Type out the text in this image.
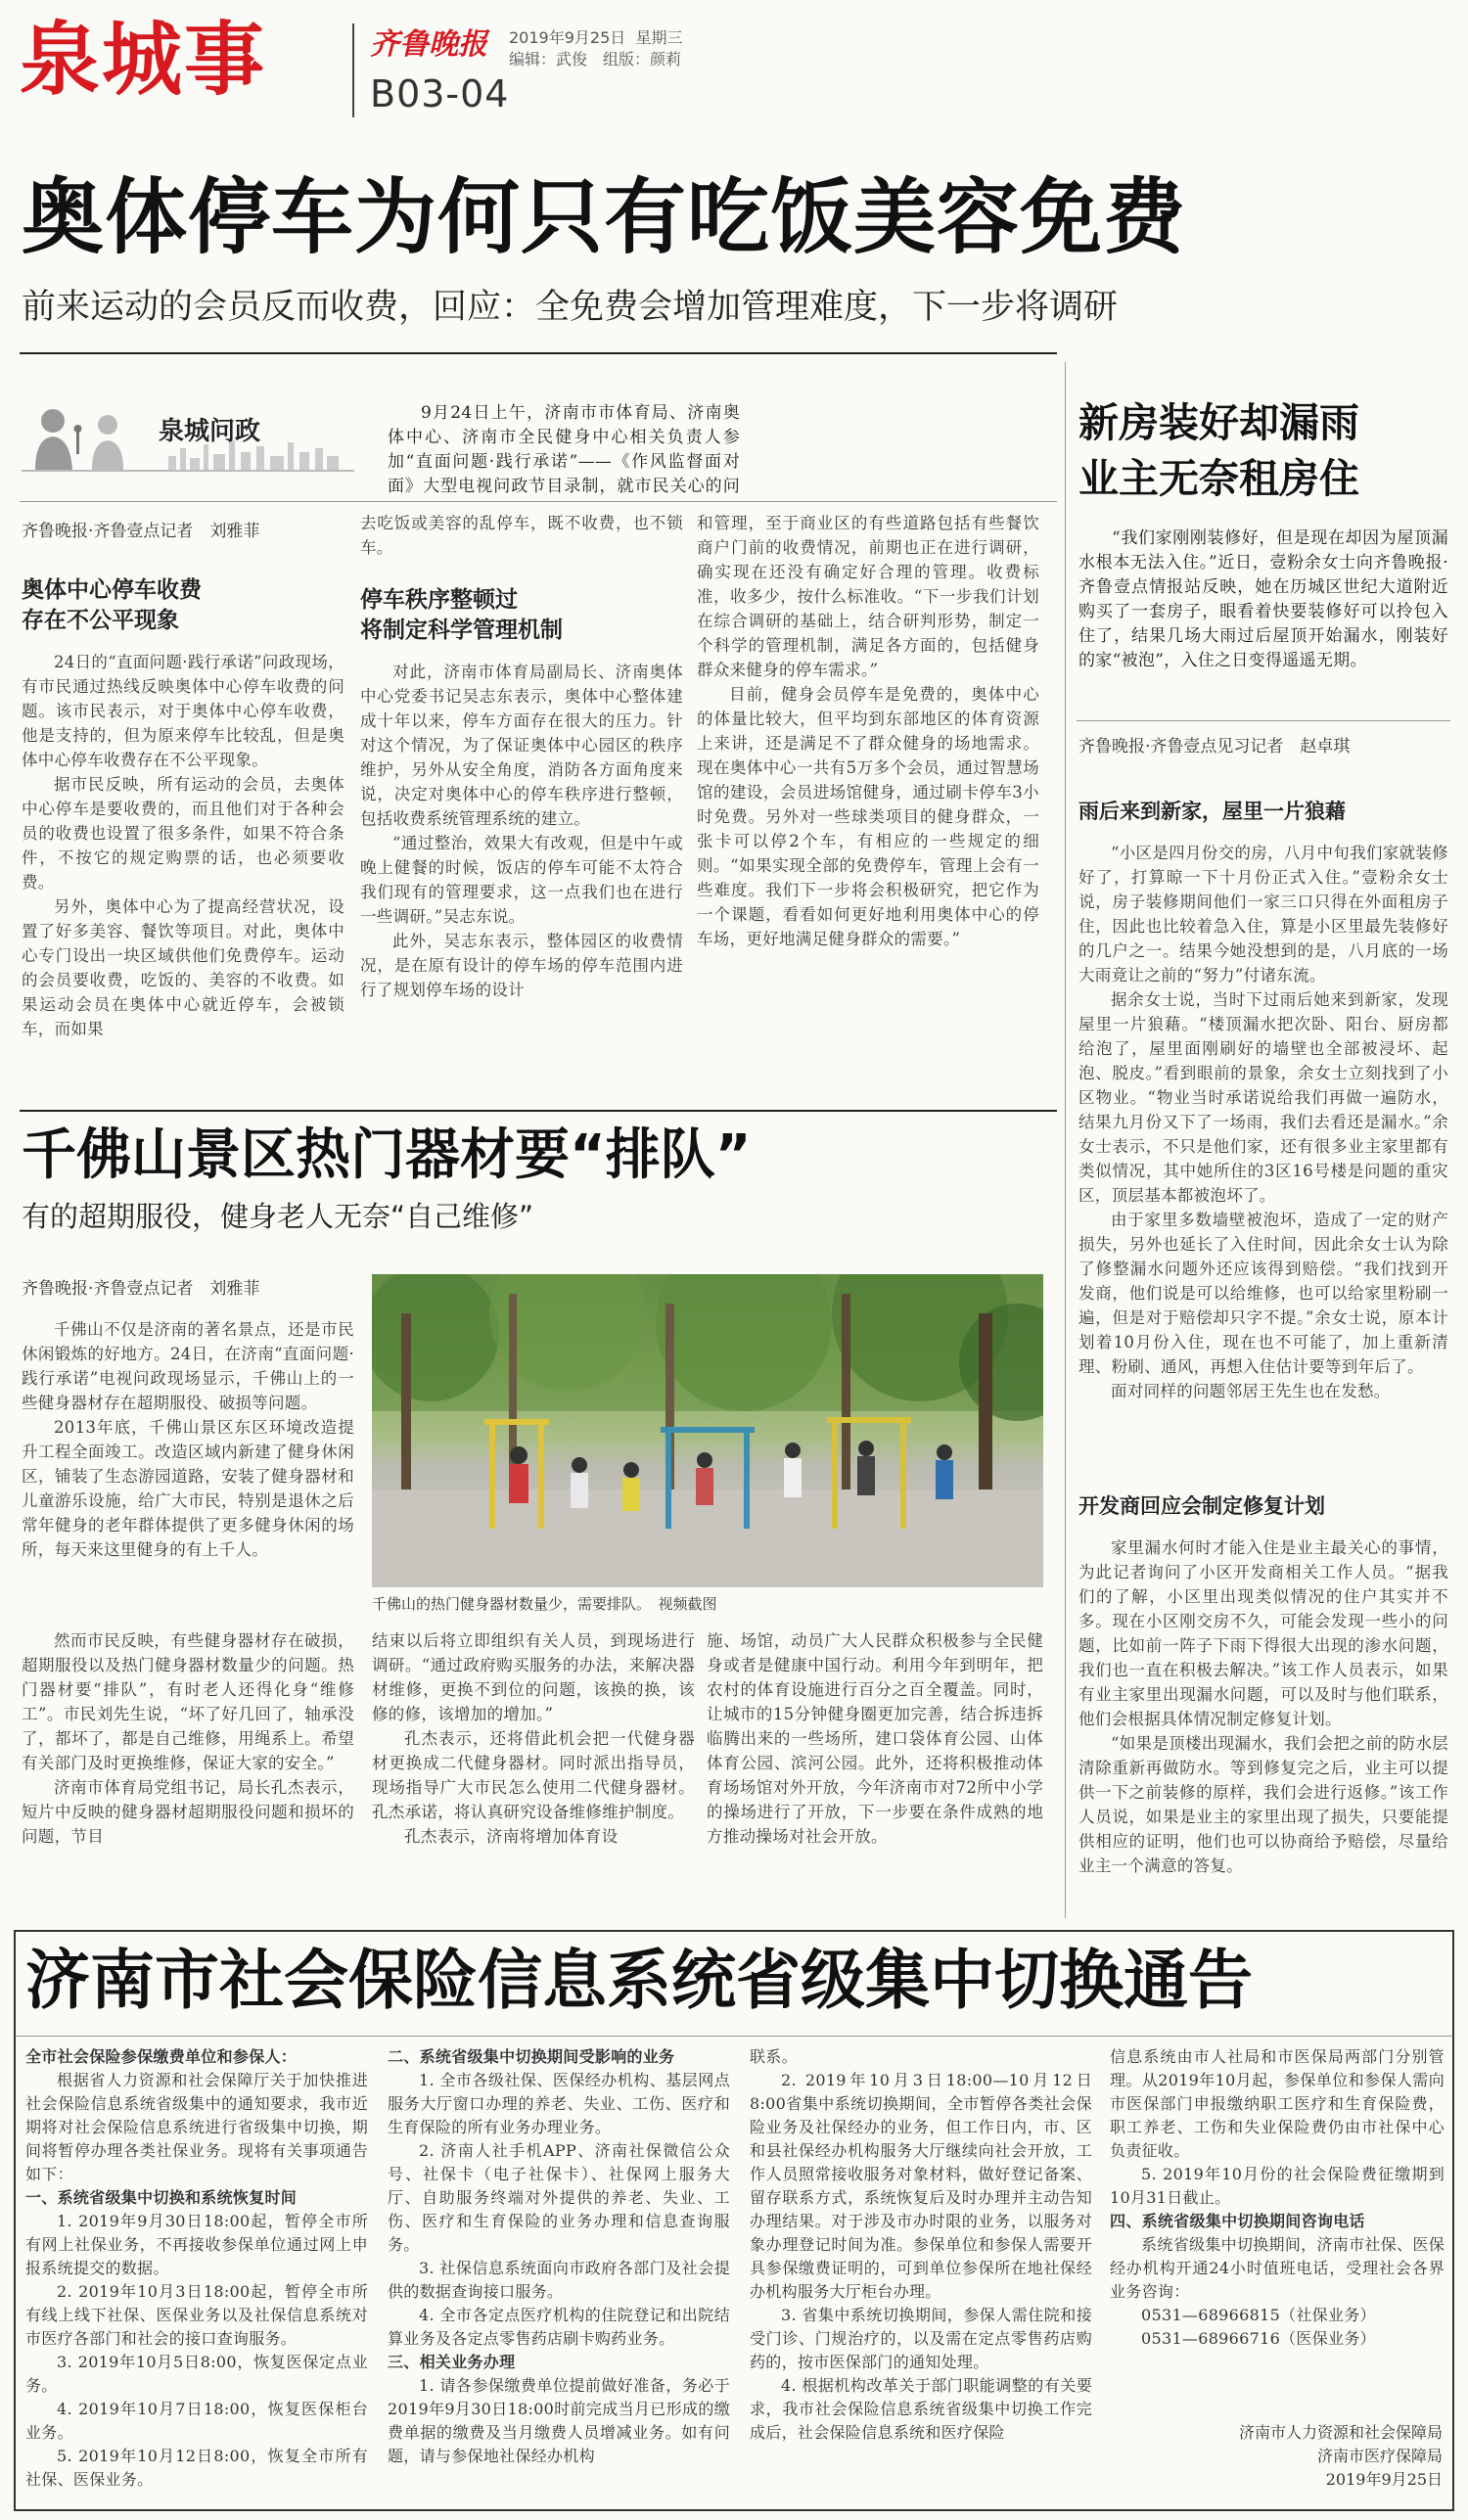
泉城事	齐鲁晚报 2019年9月25日 星期三
编辑：武俊　组版：颜莉
B03-04
奥体停车为何只有吃饭美容免费
前来运动的会员反而收费，回应：全免费会增加管理难度，下一步将调研
泉城问政

9月24日上午，济南市市体育局、济南奥体中心、济南市全民健身中心相关负责人参加“直面问题·践行承诺”——《作风监督面对面》大型电视问政节目录制，就市民关心的问

齐鲁晚报·齐鲁壹点记者　刘雅菲
奥体中心停车收费
存在不公平现象

24日的“直面问题·践行承诺”问政现场，有市民通过热线反映奥体中心停车收费的问题。该市民表示，对于奥体中心停车收费，他是支持的，但为原来停车比较乱，但是奥体中心停车收费存在不公平现象。

据市民反映，所有运动的会员，去奥体中心停车是要收费的，而且他们对于各种会员的收费也设置了很多条件，如果不符合条件，不按它的规定购票的话，也必须要收费。

另外，奥体中心为了提高经营状况，设置了好多美容、餐饮等项目。对此，奥体中心专门设出一块区域供他们免费停车。运动的会员要收费，吃饭的、美容的不收费。如果运动会员在奥体中心就近停车，会被锁车，而如果

去吃饭或美容的乱停车，既不收费，也不锁车。

停车秩序整顿过
将制定科学管理机制

对此，济南市体育局副局长、济南奥体中心党委书记吴志东表示，奥体中心整体建成十年以来，停车方面存在很大的压力。针对这个情况，为了保证奥体中心园区的秩序维护，另外从安全角度，消防各方面角度来说，决定对奥体中心的停车秩序进行整顿，包括收费系统管理系统的建立。

“通过整治，效果大有改观，但是中午或晚上健餐的时候，饭店的停车可能不太符合我们现有的管理要求，这一点我们也在进行一些调研。”吴志东说。

此外，吴志东表示，整体园区的收费情况，是在原有设计的停车场的停车范围内进行了规划停车场的设计

和管理，至于商业区的有些道路包括有些餐饮商户门前的收费情况，前期也正在进行调研，确实现在还没有确定好合理的管理。收费标准，收多少，按什么标准收。“下一步我们计划在综合调研的基础上，结合研判形势，制定一个科学的管理机制，满足各方面的，包括健身群众来健身的停车需求。”

目前，健身会员停车是免费的，奥体中心的体量比较大，但平均到东部地区的体育资源上来讲，还是满足不了群众健身的场地需求。现在奥体中心一共有5万多个会员，通过智慧场馆的建设，会员进场馆健身，通过刷卡停车3小时免费。另外对一些球类项目的健身群众，一张卡可以停2个车，有相应的一些规定的细则。“如果实现全部的免费停车，管理上会有一些难度。我们下一步将会积极研究，把它作为一个课题，看看如何更好地利用奥体中心的停车场，更好地满足健身群众的需要。”

千佛山景区热门器材要“排队”
有的超期服役，健身老人无奈“自己维修”
齐鲁晚报·齐鲁壹点记者　刘雅菲

千佛山不仅是济南的著名景点，还是市民休闲锻炼的好地方。24日，在济南“直面问题·践行承诺”电视问政现场显示，千佛山上的一些健身器材存在超期服役、破损等问题。

2013年底，千佛山景区东区环境改造提升工程全面竣工。改造区域内新建了健身休闲区，铺装了生态游园道路，安装了健身器材和儿童游乐设施，给广大市民，特别是退休之后常年健身的老年群体提供了更多健身休闲的场所，每天来这里健身的有上千人。

千佛山的热门健身器材数量少，需要排队。　视频截图

然而市民反映，有些健身器材存在破损，超期服役以及热门健身器材数量少的问题。热门器材要“排队”，有时老人还得化身“维修工”。市民刘先生说，“坏了好几回了，轴承没了，都坏了，都是自己维修，用绳系上。希望有关部门及时更换维修，保证大家的安全。”

济南市体育局党组书记，局长孔杰表示，短片中反映的健身器材超期服役问题和损坏的问题，节目

结束以后将立即组织有关人员，到现场进行调研。“通过政府购买服务的办法，来解决器材维修，更换不到位的问题，该换的换，该修的修，该增加的增加。”

孔杰表示，还将借此机会把一代健身器材更换成二代健身器材。同时派出指导员，现场指导广大市民怎么使用二代健身器材。孔杰承诺，将认真研究设备维修维护制度。

孔杰表示，济南将增加体育设

施、场馆，动员广大人民群众积极参与全民健身或者是健康中国行动。利用今年到明年，把农村的体育设施进行百分之百全覆盖。同时，让城市的15分钟健身圈更加完善，结合拆违拆临腾出来的一些场所，建口袋体育公园、山体体育公园、滨河公园。此外，还将积极推动体育场场馆对外开放，今年济南市对72所中小学的操场进行了开放，下一步要在条件成熟的地方推动操场对社会开放。

新房装好却漏雨
业主无奈租房住

“我们家刚刚装修好，但是现在却因为屋顶漏水根本无法入住。”近日，壹粉余女士向齐鲁晚报·齐鲁壹点情报站反映，她在历城区世纪大道附近购买了一套房子，眼看着快要装修好可以拎包入住了，结果几场大雨过后屋顶开始漏水，刚装好的家“被泡”，入住之日变得遥遥无期。

齐鲁晚报·齐鲁壹点见习记者　赵卓琪
雨后来到新家，屋里一片狼藉

“小区是四月份交的房，八月中旬我们家就装修好了，打算晾一下十月份正式入住。”壹粉余女士说，房子装修期间他们一家三口只得在外面租房子住，因此也比较着急入住，算是小区里最先装修好的几户之一。结果今她没想到的是，八月底的一场大雨竟让之前的“努力”付诸东流。

据余女士说，当时下过雨后她来到新家，发现屋里一片狼藉。“楼顶漏水把次卧、阳台、厨房都给泡了，屋里面刚刷好的墙壁也全部被浸坏、起泡、脱皮。”看到眼前的景象，余女士立刻找到了小区物业。“物业当时承诺说给我们再做一遍防水，结果九月份又下了一场雨，我们去看还是漏水。”余女士表示，不只是他们家，还有很多业主家里都有类似情况，其中她所住的3区16号楼是问题的重灾区，顶层基本都被泡坏了。

由于家里多数墙壁被泡坏，造成了一定的财产损失，另外也延长了入住时间，因此余女士认为除了修整漏水问题外还应该得到赔偿。“我们找到开发商，他们说是可以给维修，也可以给家里粉刷一遍，但是对于赔偿却只字不提。”余女士说，原本计划着10月份入住，现在也不可能了，加上重新清理、粉刷、通风，再想入住估计要等到年后了。

面对同样的问题邻居王先生也在发愁。

开发商回应会制定修复计划

家里漏水何时才能入住是业主最关心的事情，为此记者询问了小区开发商相关工作人员。“据我们的了解，小区里出现类似情况的住户其实并不多。现在小区刚交房不久，可能会发现一些小的问题，比如前一阵子下雨下得很大出现的渗水问题，我们也一直在积极去解决。”该工作人员表示，如果有业主家里出现漏水问题，可以及时与他们联系，他们会根据具体情况制定修复计划。

“如果是顶楼出现漏水，我们会把之前的防水层清除重新再做防水。等到修复完之后，业主可以提供一下之前装修的原样，我们会进行返修。”该工作人员说，如果是业主的家里出现了损失，只要能提供相应的证明，他们也可以协商给予赔偿，尽量给业主一个满意的答复。

济南市社会保险信息系统省级集中切换通告

全市社会保险参保缴费单位和参保人：

根据省人力资源和社会保障厅关于加快推进社会保险信息系统省级集中的通知要求，我市近期将对社会保险信息系统进行省级集中切换，期间将暂停办理各类社保业务。现将有关事项通告如下：

一、系统省级集中切换和系统恢复时间

1. 2019年9月30日18:00起，暂停全市所有网上社保业务，不再接收参保单位通过网上申报系统提交的数据。

2. 2019年10月3日18:00起，暂停全市所有线上线下社保、医保业务以及社保信息系统对市医疗各部门和社会的接口查询服务。

3. 2019年10月5日8:00，恢复医保定点业务。

4. 2019年10月7日18:00，恢复医保柜台业务。

5. 2019年10月12日8:00，恢复全市所有社保、医保业务。

二、系统省级集中切换期间受影响的业务

1. 全市各级社保、医保经办机构、基层网点服务大厅窗口办理的养老、失业、工伤、医疗和生育保险的所有业务办理业务。

2. 济南人社手机APP、济南社保微信公众号、社保卡（电子社保卡）、社保网上服务大厅、自助服务终端对外提供的养老、失业、工伤、医疗和生育保险的业务办理和信息查询服务。

3. 社保信息系统面向市政府各部门及社会提供的数据查询接口服务。

4. 全市各定点医疗机构的住院登记和出院结算业务及各定点零售药店刷卡购药业务。

三、相关业务办理

1. 请各参保缴费单位提前做好准备，务必于2019年9月30日18:00时前完成当月已形成的缴费单据的缴费及当月缴费人员增减业务。如有问题，请与参保地社保经办机构

联系。

2. 2019年10月3日18:00—10月12日8:00省集中系统切换期间，全市暂停各类社会保险业务及社保经办的业务，但工作日内，市、区和县社保经办机构服务大厅继续向社会开放，工作人员照常接收服务对象材料，做好登记备案、留存联系方式，系统恢复后及时办理并主动告知办理结果。对于涉及市办时限的业务，以服务对象办理登记时间为准。参保单位和参保人需要开具参保缴费证明的，可到单位参保所在地社保经办机构服务大厅柜台办理。

3. 省集中系统切换期间，参保人需住院和接受门诊、门规治疗的，以及需在定点零售药店购药的，按市医保部门的通知处理。

4. 根据机构改革关于部门职能调整的有关要求，我市社会保险信息系统省级集中切换工作完成后，社会保险信息系统和医疗保险

信息系统由市人社局和市医保局两部门分别管理。从2019年10月起，参保单位和参保人需向市医保部门申报缴纳职工医疗和生育保险费，职工养老、工伤和失业保险费仍由市社保中心负责征收。

5. 2019年10月份的社会保险费征缴期到10月31日截止。

四、系统省级集中切换期间咨询电话

系统省级集中切换期间，济南市社保、医保经办机构开通24小时值班电话，受理社会各界业务咨询：

0531—68966815（社保业务）

0531—68966716（医保业务）

济南市人力资源和社会保障局
济南市医疗保障局
2019年9月25日
